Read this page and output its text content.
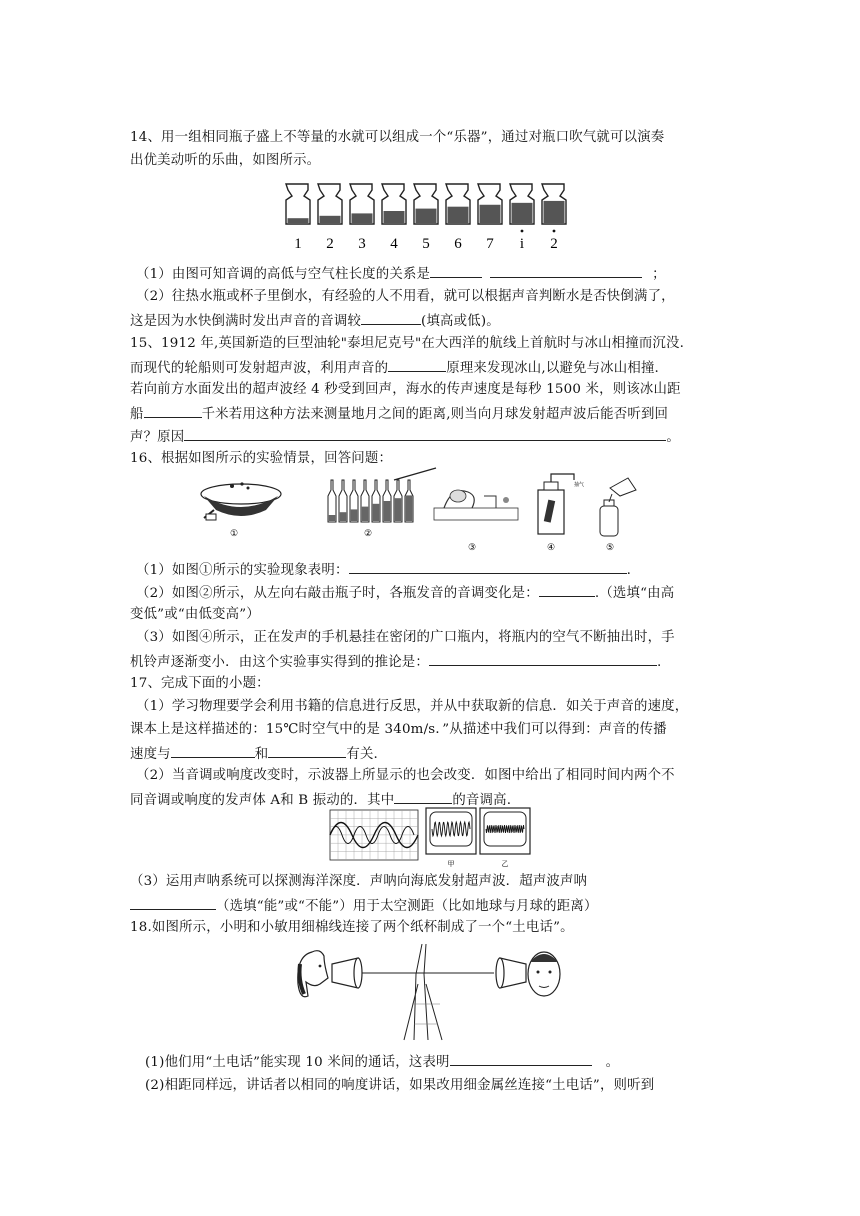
14、用一组相同瓶子盛上不等量的水就可以组成一个“乐器”，通过对瓶口吹气就可以演奏
出优美动听的乐曲，如图所示。
1 2 3 4 5 6 7 i 2
（1）由图可知音调的高低与空气柱长度的关系是	；
（2）往热水瓶或杯子里倒水，有经验的人不用看，就可以根据声音判断水是否快倒满了，
这是因为水快倒满时发出声音的音调较	(填高或低)。
15、1912 年,英国新造的巨型油轮"泰坦尼克号"在大西洋的航线上首航时与冰山相撞而沉没.
而现代的轮船则可发射超声波，利用声音的	原理来发现冰山,以避免与冰山相撞.
若向前方水面发出的超声波经 4 秒受到回声，海水的传声速度是每秒 1500 米，则该冰山距
船	千米若用这种方法来测量地月之间的距离,则当向月球发射超声波后能否听到回
声？原因	。
16、根据如图所示的实验情景，回答问题：
①	②
③
抽气
④	⑤
（1）如图①所示的实验现象表明：	.
（2）如图②所示，从左向右敲击瓶子时，各瓶发音的音调变化是：	.（选填“由高
变低”或“由低变高”）
（3）如图④所示，正在发声的手机悬挂在密闭的广口瓶内，将瓶内的空气不断抽出时，手
机铃声逐渐变小．由这个实验事实得到的推论是：	.
17、完成下面的小题：
（1）学习物理要学会利用书籍的信息进行反思，并从中获取新的信息．如关于声音的速度，
课本上是这样描述的：15℃时空气中的是 340m/s．”从描述中我们可以得到：声音的传播
速度与	和	有关.
（2）当音调或响度改变时，示波器上所显示的也会改变．如图中给出了相同时间内两个不
同音调或响度的发声体 A和 B 振动的．其中	的音调高.
甲	乙
（3）运用声呐系统可以探测海洋深度．声呐向海底发射超声波．超声波声呐
（选填“能”或“不能”）用于太空测距（比如地球与月球的距离）
18.如图所示，小明和小敏用细棉线连接了两个纸杯制成了一个“土电话”。
(1)他们用“土电话”能实现 10 米间的通话，这表明	。
(2)相距同样远，讲话者以相同的响度讲话，如果改用细金属丝连接“土电话”，则听到
